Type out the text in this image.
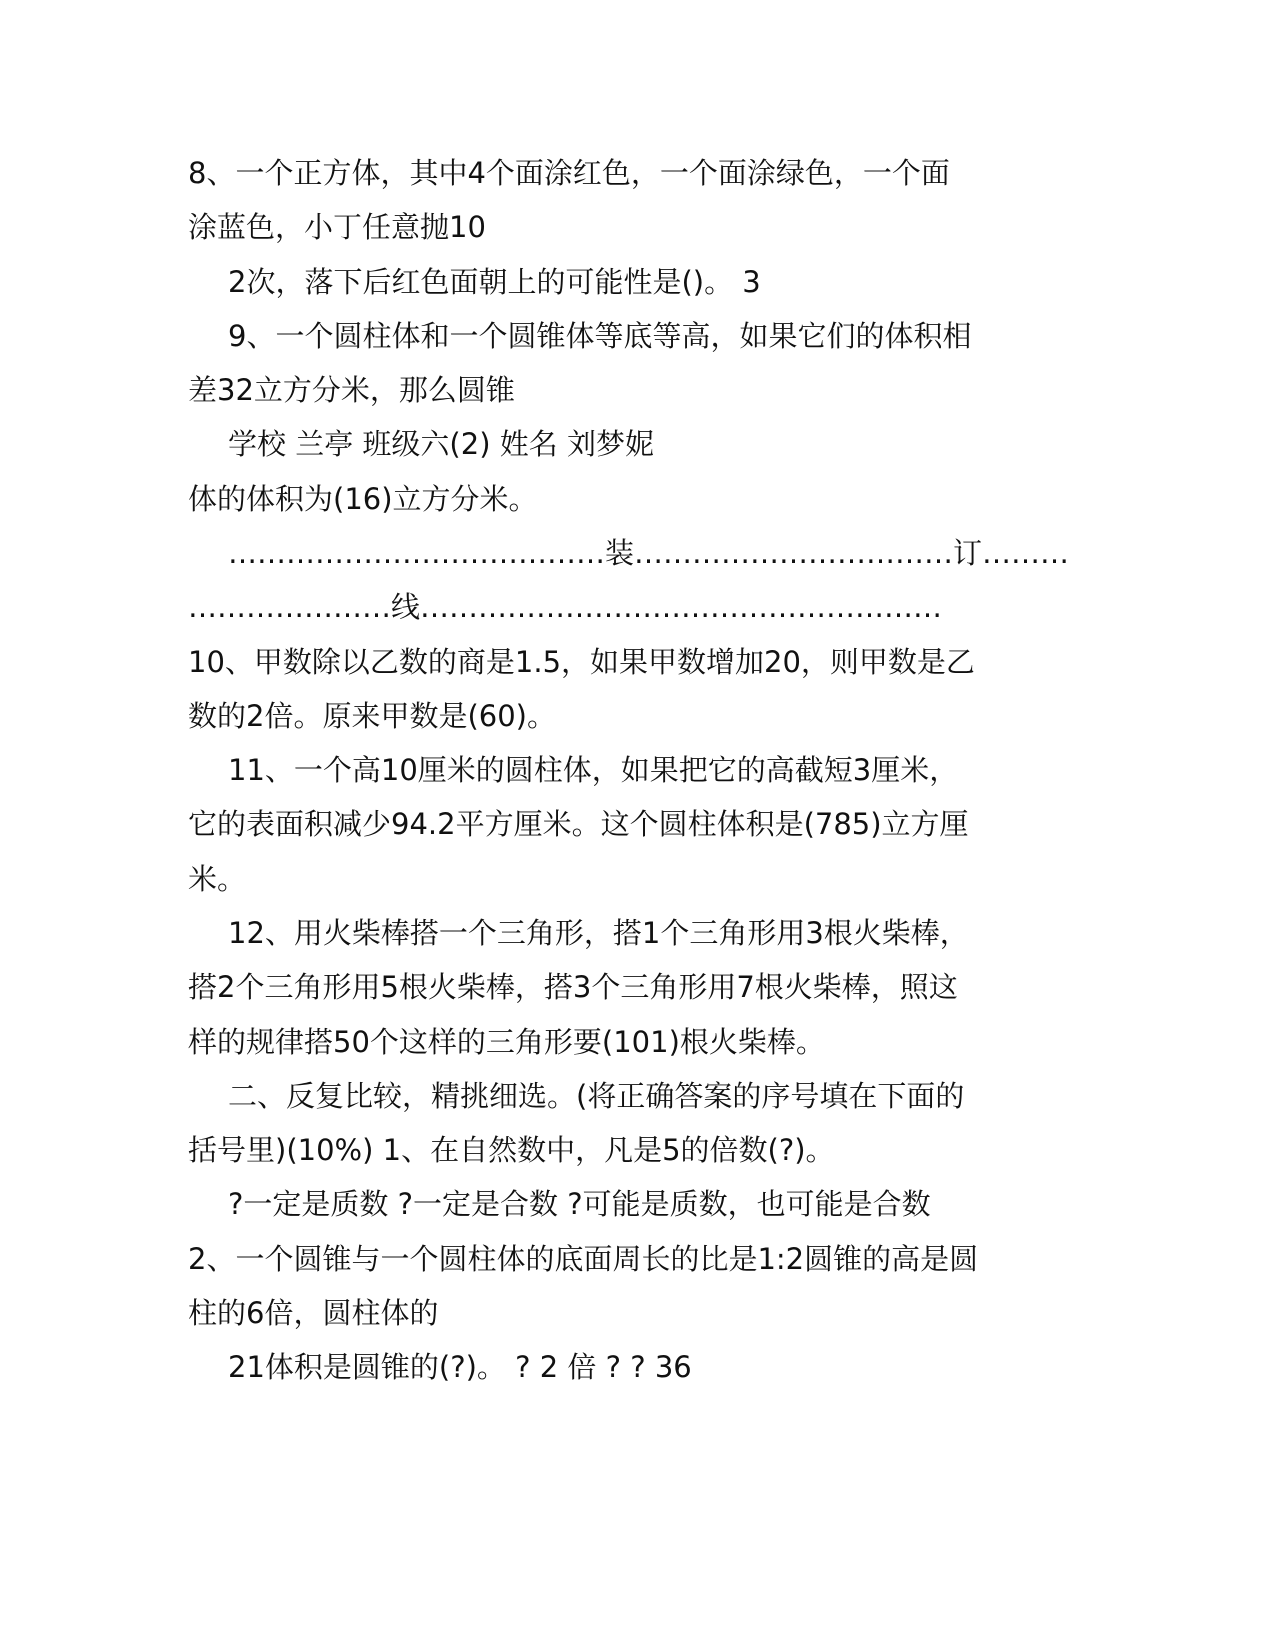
8、一个正方体，其中4个面涂红色，一个面涂绿色，一个面
涂蓝色，小丁任意抛10
2次，落下后红色面朝上的可能性是()。 3
9、一个圆柱体和一个圆锥体等底等高，如果它们的体积相
差32立方分米，那么圆锥
学校 兰亭 班级六(2) 姓名 刘梦妮
体的体积为(16)立方分米。
…………………………………装……………………………订………
…………………线………………………………………………
10、甲数除以乙数的商是1.5，如果甲数增加20，则甲数是乙
数的2倍。原来甲数是(60)。
11、一个高10厘米的圆柱体，如果把它的高截短3厘米，
它的表面积减少94.2平方厘米。这个圆柱体积是(785)立方厘
米。
12、用火柴棒搭一个三角形，搭1个三角形用3根火柴棒，
搭2个三角形用5根火柴棒，搭3个三角形用7根火柴棒，照这
样的规律搭50个这样的三角形要(101)根火柴棒。
二、反复比较，精挑细选。(将正确答案的序号填在下面的
括号里)(10%) 1、在自然数中，凡是5的倍数(?)。
?一定是质数 ?一定是合数 ?可能是质数，也可能是合数
2、一个圆锥与一个圆柱体的底面周长的比是1:2圆锥的高是圆
柱的6倍，圆柱体的
21体积是圆锥的(?)。 ? 2 倍 ? ? 36
